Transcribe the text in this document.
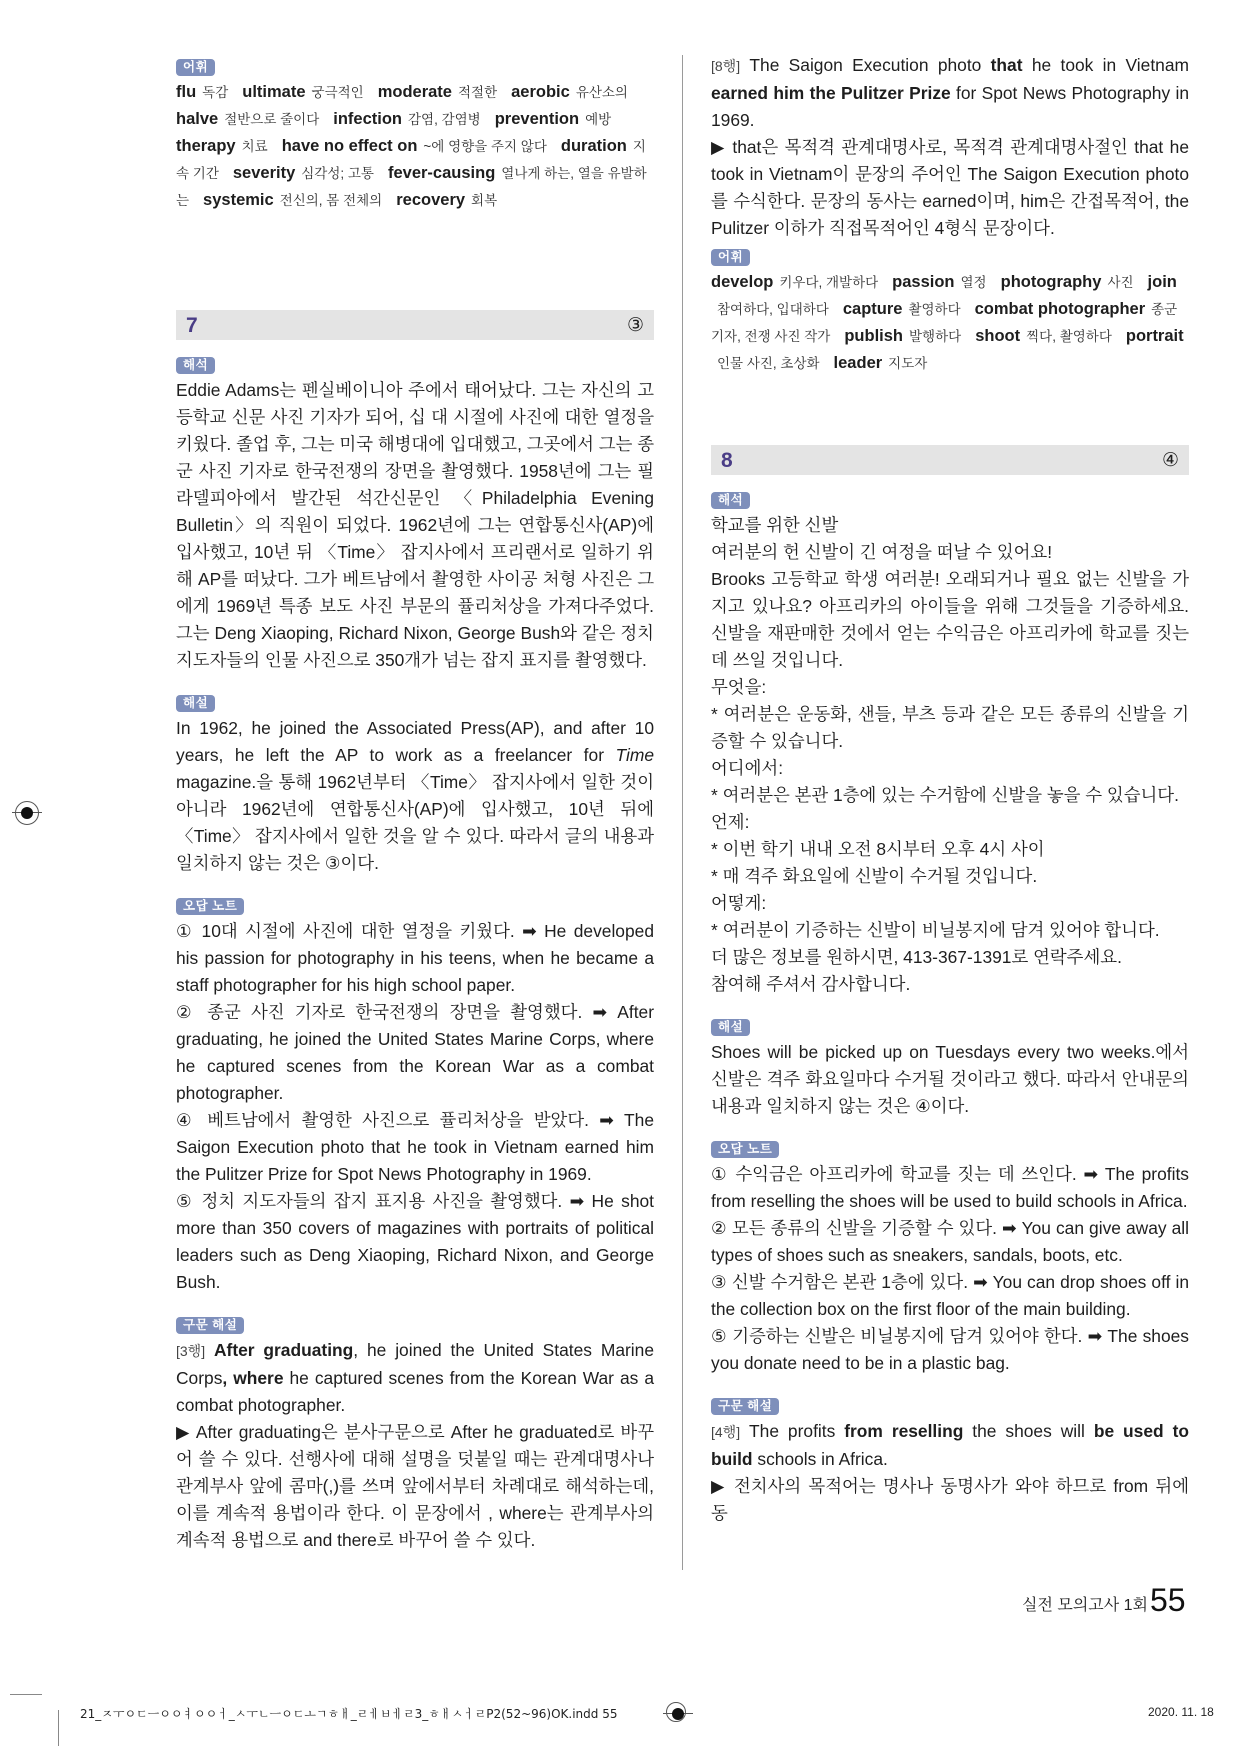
어휘
flu 독감 ultimate 궁극적인 moderate 적절한 aerobic 유산소의halve 절반으로 줄이다 infection 감염, 감염병 prevention 예방therapy 치료 have no effect on ~에 영향을 주지 않다 duration 지속 기간 severity 심각성; 고통 fever-causing 열나게 하는, 열을 유발하는 systemic 전신의, 몸 전체의 recovery 회복
7	③
해석

Eddie Adams는 펜실베이니아 주에서 태어났다. 그는 자신의 고등학교 신문 사진 기자가 되어, 십 대 시절에 사진에 대한 열정을 키웠다. 졸업 후, 그는 미국 해병대에 입대했고, 그곳에서 그는 종군 사진 기자로 한국전쟁의 장면을 촬영했다. 1958년에 그는 필라델피아에서 발간된 석간신문인 〈Philadelphia Evening Bulletin〉의 직원이 되었다. 1962년에 그는 연합통신사(AP)에 입사했고, 10년 뒤 〈Time〉 잡지사에서 프리랜서로 일하기 위해 AP를 떠났다. 그가 베트남에서 촬영한 사이공 처형 사진은 그에게 1969년 특종 보도 사진 부문의 퓰리처상을 가져다주었다. 그는 Deng Xiaoping, Richard Nixon, George Bush와 같은 정치 지도자들의 인물 사진으로 350개가 넘는 잡지 표지를 촬영했다.

해설

In 1962, he joined the Associated Press(AP), and after 10 years, he left the AP to work as a freelancer for Time magazine.을 통해 1962년부터 〈Time〉 잡지사에서 일한 것이 아니라 1962년에 연합통신사(AP)에 입사했고, 10년 뒤에 〈Time〉 잡지사에서 일한 것을 알 수 있다. 따라서 글의 내용과 일치하지 않는 것은 ③이다.

오답 노트

① 10대 시절에 사진에 대한 열정을 키웠다. ➡ He developed his passion for photography in his teens, when he became a staff photographer for his high school paper.

② 종군 사진 기자로 한국전쟁의 장면을 촬영했다. ➡ After graduating, he joined the United States Marine Corps, where he captured scenes from the Korean War as a combat photographer.

④ 베트남에서 촬영한 사진으로 퓰리처상을 받았다. ➡ The Saigon Execution photo that he took in Vietnam earned him the Pulitzer Prize for Spot News Photography in 1969.

⑤ 정치 지도자들의 잡지 표지용 사진을 촬영했다. ➡ He shot more than 350 covers of magazines with portraits of political leaders such as Deng Xiaoping, Richard Nixon, and George Bush.

구문 해설

[3행] After graduating, he joined the United States Marine Corps, where he captured scenes from the Korean War as a combat photographer.

▶ After graduating은 분사구문으로 After he graduated로 바꾸어 쓸 수 있다. 선행사에 대해 설명을 덧붙일 때는 관계대명사나 관계부사 앞에 콤마(,)를 쓰며 앞에서부터 차례대로 해석하는데, 이를 계속적 용법이라 한다. 이 문장에서 , where는 관계부사의 계속적 용법으로 and there로 바꾸어 쓸 수 있다.

[8행] The Saigon Execution photo that he took in Vietnam earned him the Pulitzer Prize for Spot News Photography in 1969.

▶ that은 목적격 관계대명사로, 목적격 관계대명사절인 that he took in Vietnam이 문장의 주어인 The Saigon Execution photo를 수식한다. 문장의 동사는 earned이며, him은 간접목적어, the Pulitzer 이하가 직접목적어인 4형식 문장이다.

어휘
develop 키우다, 개발하다 passion 열정 photography 사진 join참여하다, 입대하다 capture 촬영하다 combat photographer 종군 기자, 전쟁 사진 작가 publish 발행하다 shoot 찍다, 촬영하다 portrait인물 사진, 초상화 leader 지도자
8	④
해석

학교를 위한 신발

여러분의 헌 신발이 긴 여정을 떠날 수 있어요!

Brooks 고등학교 학생 여러분! 오래되거나 필요 없는 신발을 가지고 있나요? 아프리카의 아이들을 위해 그것들을 기증하세요. 신발을 재판매한 것에서 얻는 수익금은 아프리카에 학교를 짓는 데 쓰일 것입니다.

무엇을:

* 여러분은 운동화, 샌들, 부츠 등과 같은 모든 종류의 신발을 기증할 수 있습니다.

어디에서:

* 여러분은 본관 1층에 있는 수거함에 신발을 놓을 수 있습니다.

언제:

* 이번 학기 내내 오전 8시부터 오후 4시 사이

* 매 격주 화요일에 신발이 수거될 것입니다.

어떻게:

* 여러분이 기증하는 신발이 비닐봉지에 담겨 있어야 합니다.

더 많은 정보를 원하시면, 413-367-1391로 연락주세요.

참여해 주셔서 감사합니다.

해설

Shoes will be picked up on Tuesdays every two weeks.에서 신발은 격주 화요일마다 수거될 것이라고 했다. 따라서 안내문의 내용과 일치하지 않는 것은 ④이다.

오답 노트

① 수익금은 아프리카에 학교를 짓는 데 쓰인다. ➡ The profits from reselling the shoes will be used to build schools in Africa.

② 모든 종류의 신발을 기증할 수 있다. ➡ You can give away all types of shoes such as sneakers, sandals, boots, etc.

③ 신발 수거함은 본관 1층에 있다. ➡ You can drop shoes off in the collection box on the first floor of the main building.

⑤ 기증하는 신발은 비닐봉지에 담겨 있어야 한다. ➡ The shoes you donate need to be in a plastic bag.

구문 해설

[4행] The profits from reselling the shoes will be used to build schools in Africa.

▶ 전치사의 목적어는 명사나 동명사가 와야 하므로 from 뒤에 동

실전 모의고사 1회 55
21_ㅈㅜㅇㄷㅡㅇㅇㅕㅇㅇㅓ_ㅅㅜㄴㅡㅇㄷㅗㄱㅎㅐ_ㄹㅔㅂㅔㄹ3_ㅎㅐㅅㅓㄹP2(52~96)OK.indd 55	2020. 11. 18
